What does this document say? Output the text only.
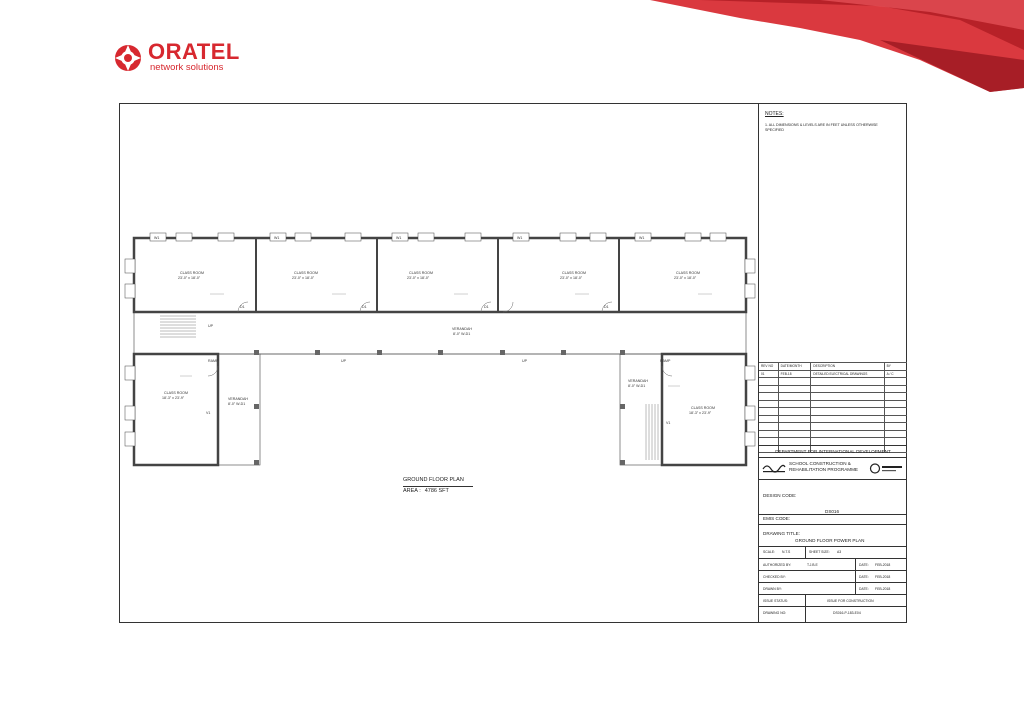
ORATEL
network solutions
CLASS ROOM
23'-0" x 18'-0"
CLASS ROOM
23'-0" x 18'-0"
CLASS ROOM
23'-0" x 18'-0"
CLASS ROOM
23'-0" x 18'-0"
CLASS ROOM
23'-0" x 18'-0"
CLASS ROOM
18'-3" x 23'-9"
CLASS ROOM
18'-3" x 23'-9"
VERANDAH
8'-0" W-D1
VERANDAH
8'-0" W-D1
VERANDAH
8'-0" W-D1
RAMP	RAMP
UP
UP	UP
W1	W1	W1	W1	W1
D1	D1	D1	D1
V1
V1
GROUND FLOOR PLAN
AREA : 4786 SFT
NOTES:
1. ALL DIMENSIONS & LEVELS ARE IN FEET UNLESS OTHERWISE SPECIFIED
REV NO	DATE/MONTH	DESCRIPTION	BY
01	FEB-18	DETAILED ELECTRICAL DRAWINGS	A / C
DEPARTMENT FOR INTERNATIONAL DEVELOPMENT
SCHOOL CONSTRUCTION &
REHABILITATION PROGRAMME
DESIGN CODE:
DS016
EMIS CODE:
DRAWING TITLE:
GROUND FLOOR POWER PLAN
SCALE: N.T.S	SHEET SIZE: A3
AUTHORIZED BY:	T.J.B.E	DATE: FEB-2018
CHECKED BY:	DATE: FEB-2018
DRAWN BY:	DATE: FEB-2018
ISSUE STATUS:	ISSUE FOR CONSTRUCTION
DRAWING NO:	DS016-P-183-E04
